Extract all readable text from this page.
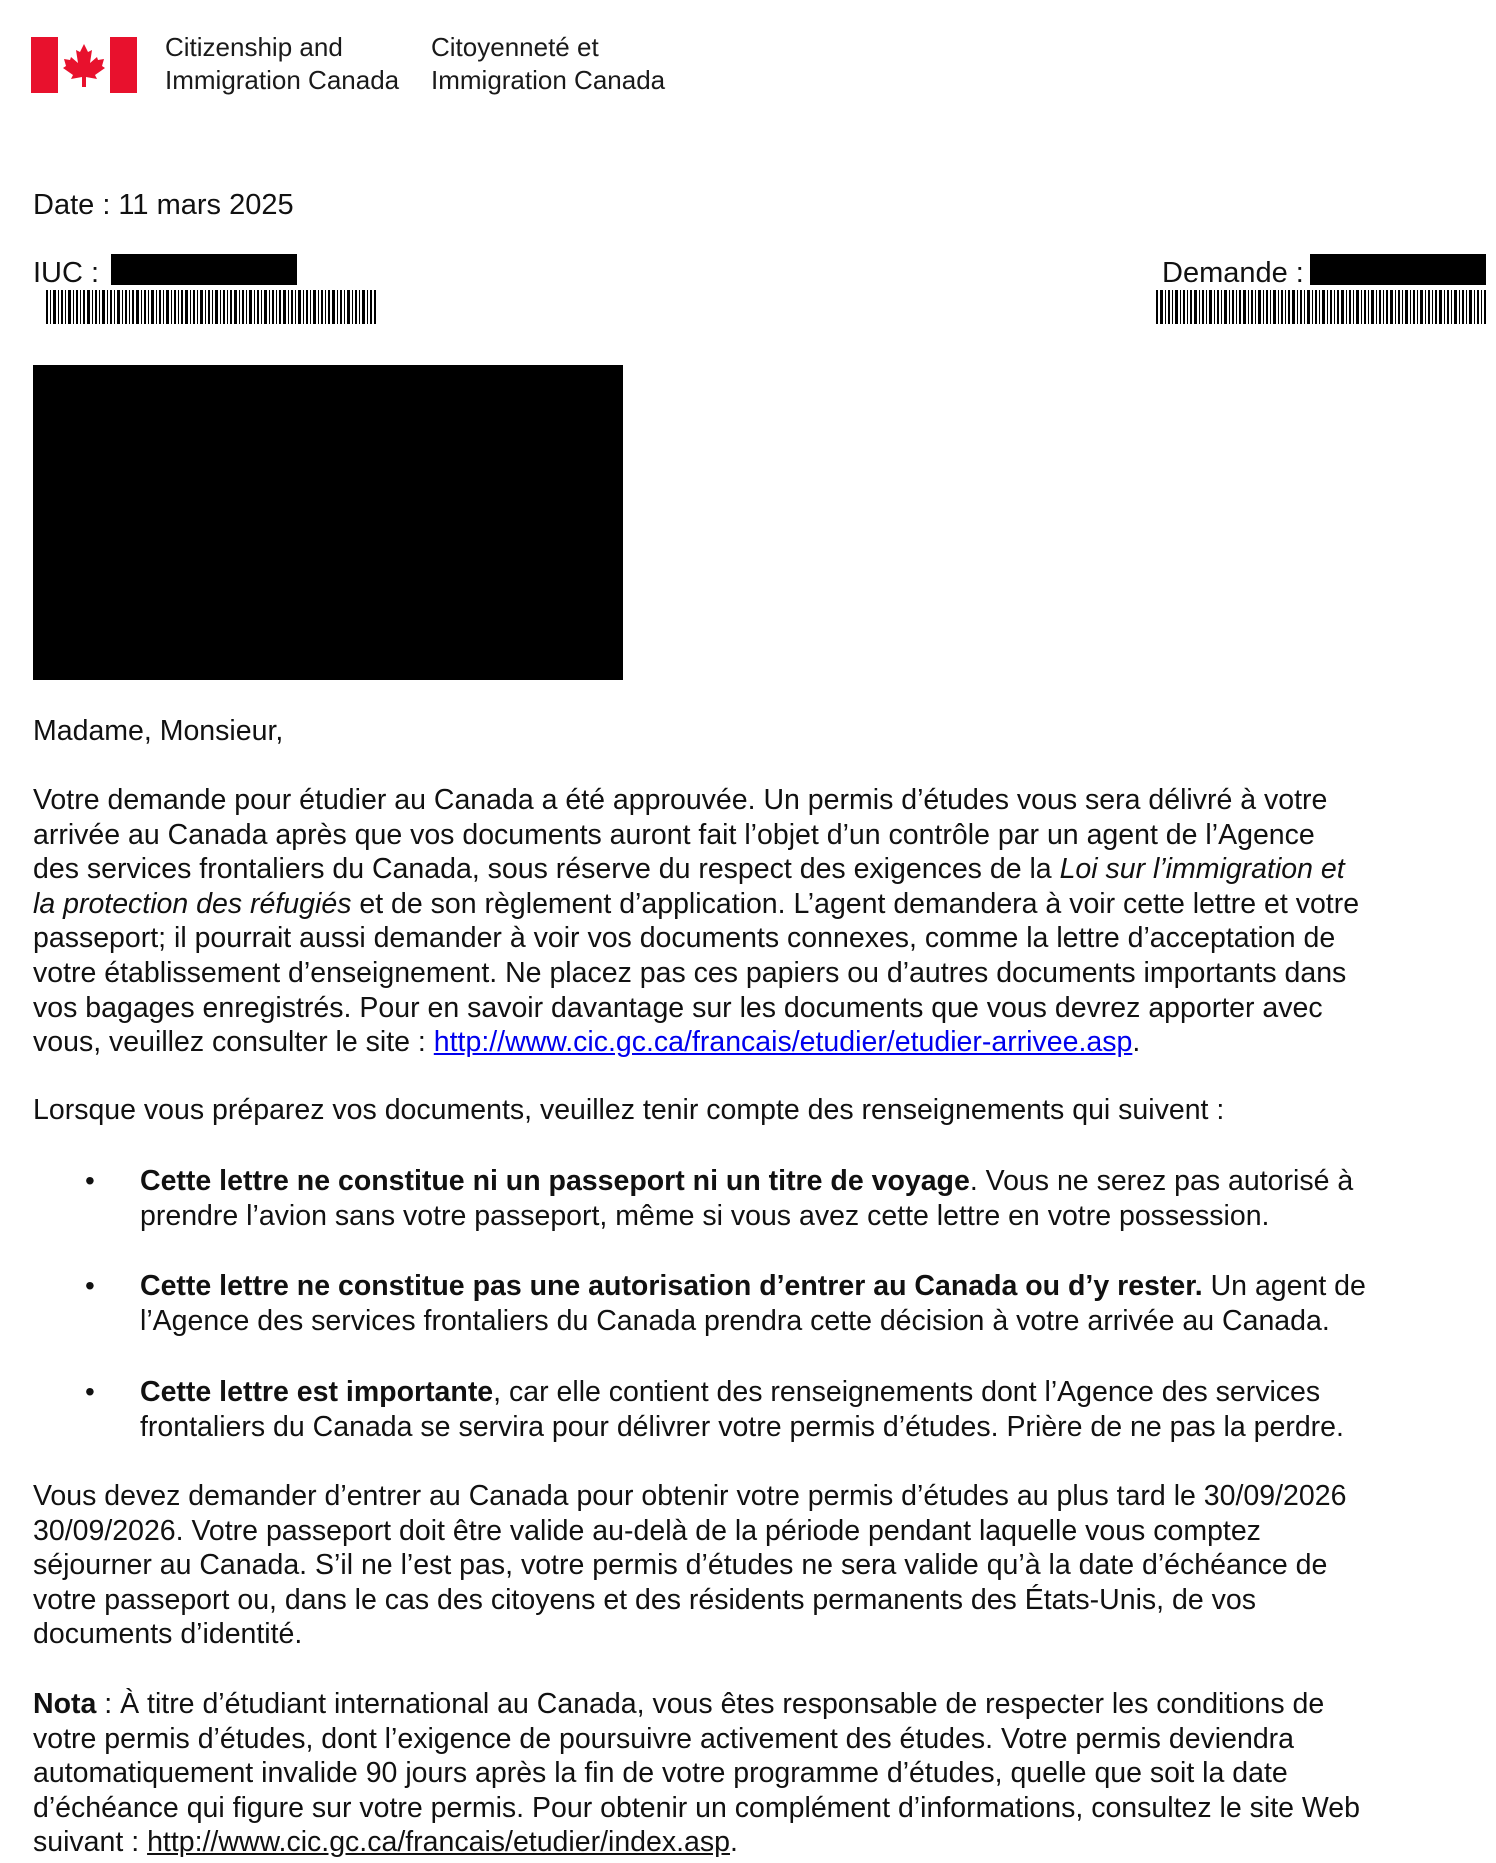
Citizenship and
Immigration Canada
Citoyenneté et
Immigration Canada
Date : 11 mars 2025
IUC :	Demande :
Madame, Monsieur,
Votre demande pour étudier au Canada a été approuvée. Un permis d’études vous sera délivré à votre
arrivée au Canada après que vos documents auront fait l’objet d’un contrôle par un agent de l’Agence
des services frontaliers du Canada, sous réserve du respect des exigences de la Loi sur l’immigration et
la protection des réfugiés et de son règlement d’application. L’agent demandera à voir cette lettre et votre
passeport; il pourrait aussi demander à voir vos documents connexes, comme la lettre d’acceptation de
votre établissement d’enseignement. Ne placez pas ces papiers ou d’autres documents importants dans
vos bagages enregistrés. Pour en savoir davantage sur les documents que vous devrez apporter avec
vous, veuillez consulter le site : http://www.cic.gc.ca/francais/etudier/etudier-arrivee.asp.
Lorsque vous préparez vos documents, veuillez tenir compte des renseignements qui suivent :
• Cette lettre ne constitue ni un passeport ni un titre de voyage. Vous ne serez pas autorisé à
prendre l’avion sans votre passeport, même si vous avez cette lettre en votre possession.
• Cette lettre ne constitue pas une autorisation d’entrer au Canada ou d’y rester. Un agent de
l’Agence des services frontaliers du Canada prendra cette décision à votre arrivée au Canada.
• Cette lettre est importante, car elle contient des renseignements dont l’Agence des services
frontaliers du Canada se servira pour délivrer votre permis d’études. Prière de ne pas la perdre.
Vous devez demander d’entrer au Canada pour obtenir votre permis d’études au plus tard le 30/09/2026
30/09/2026. Votre passeport doit être valide au-delà de la période pendant laquelle vous comptez
séjourner au Canada. S’il ne l’est pas, votre permis d’études ne sera valide qu’à la date d’échéance de
votre passeport ou, dans le cas des citoyens et des résidents permanents des États-Unis, de vos
documents d’identité.
Nota : À titre d’étudiant international au Canada, vous êtes responsable de respecter les conditions de
votre permis d’études, dont l’exigence de poursuivre activement des études. Votre permis deviendra
automatiquement invalide 90 jours après la fin de votre programme d’études, quelle que soit la date
d’échéance qui figure sur votre permis. Pour obtenir un complément d’informations, consultez le site Web
suivant : http://www.cic.gc.ca/francais/etudier/index.asp.
